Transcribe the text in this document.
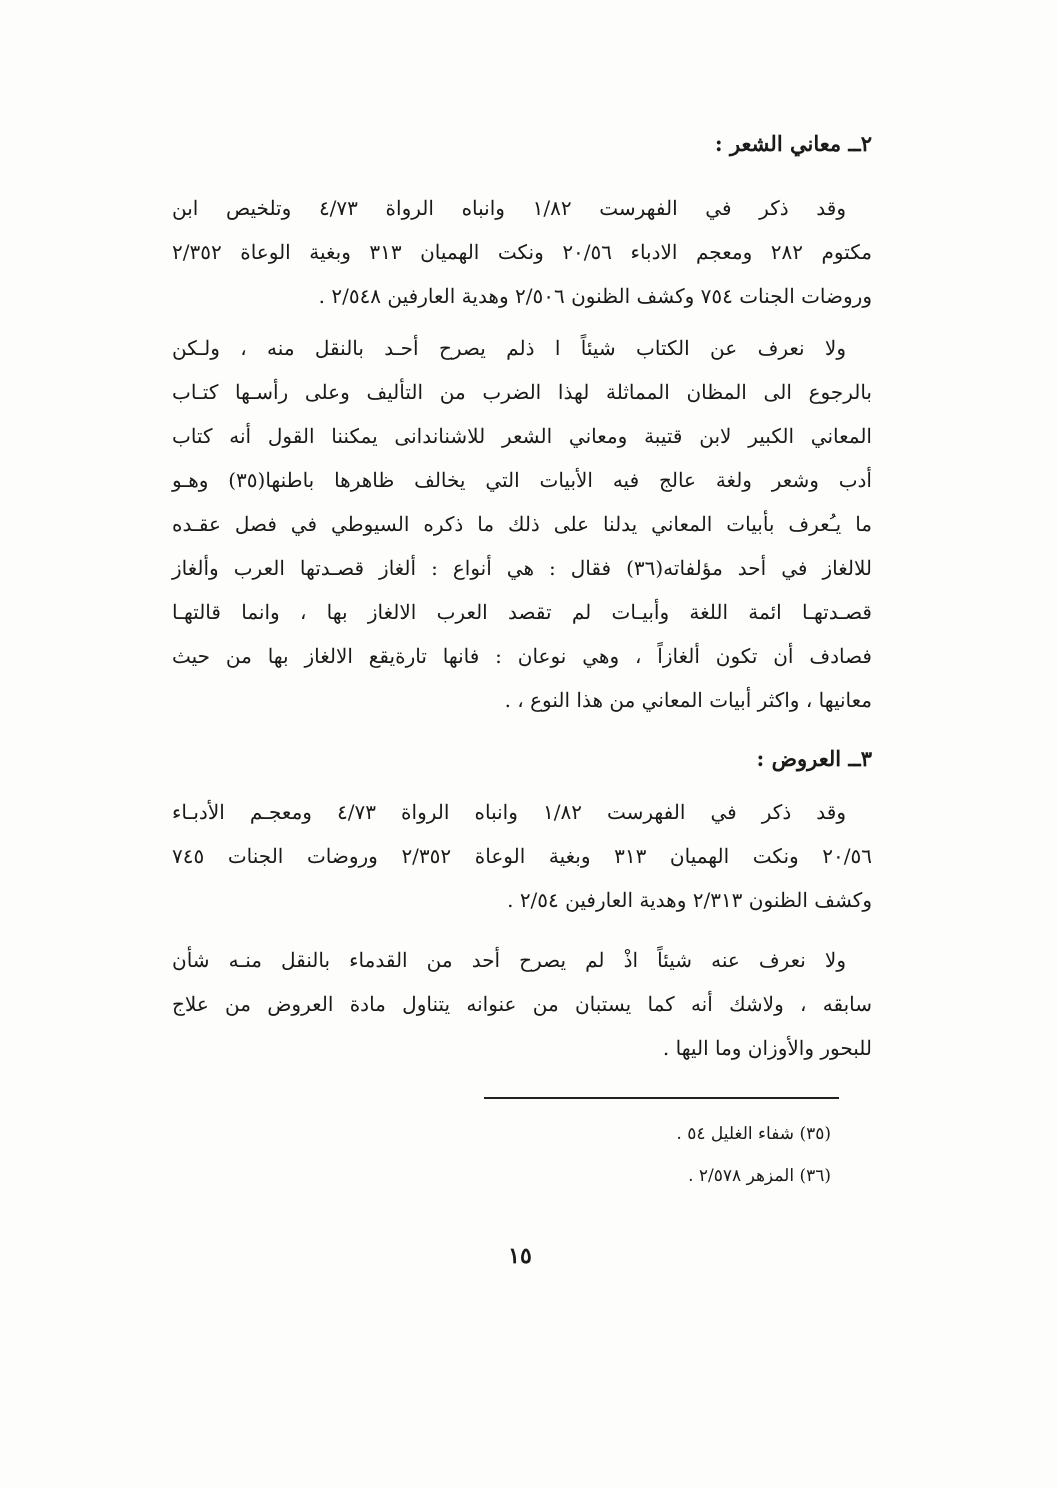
٢ــ معاني الشعر :
وقد ذكر في الفهرست ١/٨٢ وانباه الرواة ٤/٧٣ وتلخيص ابن
مكتوم ٢٨٢ ومعجم الادباء ٢٠/٥٦ ونكت الهميان ٣١٣ وبغية الوعاة ٢/٣٥٢
وروضات الجنات ٧٥٤ وكشف الظنون ٢/٥٠٦ وهدية العارفين ٢/٥٤٨ .
ولا نعرف عن الكتاب شيئاً ا ذلم يصرح أحـد بالنقل منه ، ولـكن
بالرجوع الى المظان المماثلة لهذا الضرب من التأليف وعلى رأسـها كتـاب
المعاني الكبير لابن قتيبة ومعاني الشعر للاشناندانى يمكننا القول أنه كتاب
أدب وشعر ولغة عالج فيه الأبيات التي يخالف ظاهرها باطنها(٣٥) وهـو
ما يـُعرف بأبيات المعاني يدلنا على ذلك ما ذكره السيوطي في فصل عقـده
للالغاز في أحد مؤلفاته(٣٦) فقال : هي أنواع : ألغاز قصـدتها العرب وألغاز
قصـدتهـا ائمة اللغة وأبيـات لم تقصد العرب الالغاز بها ، وانما قالتهـا
فصادف أن تكون ألغازاً ، وهي نوعان : فانها تارةيقع الالغاز بها من حيث
معانيها ، واكثر أبيات المعاني من هذا النوع ، .
٣ــ العروض :
وقد ذكر في الفهرست ١/٨٢ وانباه الرواة ٤/٧٣ ومعجـم الأدبـاء
٢٠/٥٦ ونكت الهميان ٣١٣ وبغية الوعاة ٢/٣٥٢ وروضات الجنات ٧٤٥
وكشف الظنون ٢/٣١٣ وهدية العارفين ٢/٥٤ .
ولا نعرف عنه شيئاً اذْ لم يصرح أحد من القدماء بالنقل منـه شأن
سابقه ، ولاشك أنه كما يستبان من عنوانه يتناول مادة العروض من علاج
للبحور والأوزان وما اليها .
(٣٥) شفاء الغليل ٥٤ .
(٣٦) المزهر ٢/٥٧٨ .
١٥
